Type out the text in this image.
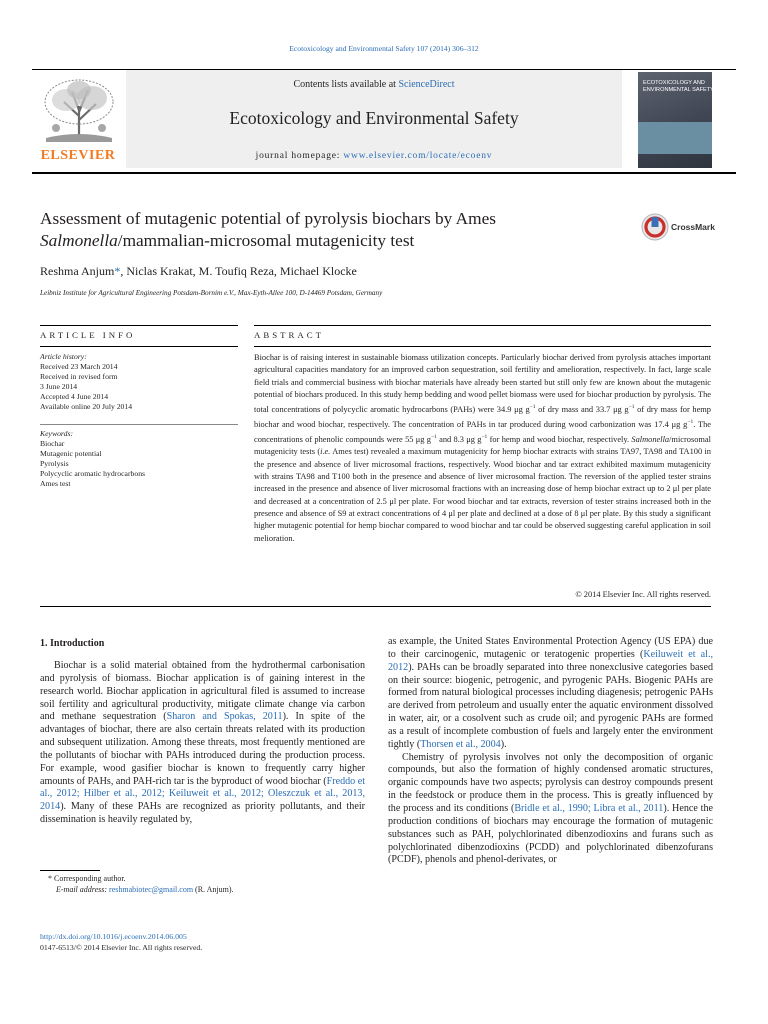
Ecotoxicology and Environmental Safety 107 (2014) 306–312
Contents lists available at ScienceDirect
Ecotoxicology and Environmental Safety
journal homepage: www.elsevier.com/locate/ecoenv
ELSEVIER
ECOTOXICOLOGY AND ENVIRONMENTAL SAFETY
Assessment of mutagenic potential of pyrolysis biochars by Ames
Salmonella/mammalian-microsomal mutagenicity test
CrossMark
Reshma Anjum*, Niclas Krakat, M. Toufiq Reza, Michael Klocke
Leibniz Institute for Agricultural Engineering Potsdam-Bornim e.V., Max-Eyth-Allee 100, D-14469 Potsdam, Germany
ARTICLE INFO	ABSTRACT
Article history:
Received 23 March 2014
Received in revised form
3 June 2014
Accepted 4 June 2014
Available online 20 July 2014
Keywords:
Biochar
Mutagenic potential
Pyrolysis
Polycyclic aromatic hydrocarbons
Ames test
Biochar is of raising interest in sustainable biomass utilization concepts. Particularly biochar derived from pyrolysis attaches important agricultural capacities mandatory for an improved carbon sequestration, soil fertility and amelioration, respectively. In fact, large scale field trials and commercial business with biochar materials have already been started but still only few are known about the mutagenic potential of biochars produced. In this study hemp bedding and wood pellet biomass were used for biochar production by pyrolysis. The total concentrations of polycyclic aromatic hydrocarbons (PAHs) were 34.9 μg $g^{-1}$ of dry mass and 33.7 μg $g^{-1}$ of dry mass for hemp biochar and wood biochar, respectively. The concentration of PAHs in tar produced during wood carbonization was 17.4 μg $g^{-1}$. The concentrations of phenolic compounds were 55 μg $g^{-1}$ and 8.3 μg $g^{-1}$ for hemp and wood biochar, respectively. Salmonella/microsomal mutagenicity tests (i.e. Ames test) revealed a maximum mutagenicity for hemp biochar extracts with strains TA97, TA98 and TA100 in the presence and absence of liver microsomal fractions, respectively. Wood biochar and tar extract exhibited maximum mutagenicity with strains TA98 and T100 both in the presence and absence of liver microsomal fraction. The reversion of the applied tester strains increased in the presence and absence of liver microsomal fractions with an increasing dose of hemp biochar extract up to 2 μl per plate and decreased at a concentration of 2.5 μl per plate. For wood biochar and tar extracts, reversion of tester strains increased both in the presence and absence of S9 at extract concentrations of 4 μl per plate and declined at a dose of 8 μl per plate. By this study a significant higher mutagenic potential for hemp biochar compared to wood biochar and tar could be observed suggesting careful application in soil melioration.
© 2014 Elsevier Inc. All rights reserved.
1. Introduction

Biochar is a solid material obtained from the hydrothermal carbonisation and pyrolysis of biomass. Biochar application is of gaining interest in the research world. Biochar application in agricultural filed is assumed to increase soil fertility and agricultural productivity, mitigate climate change via carbon and methane sequestration (Sharon and Spokas, 2011). In spite of the advantages of biochar, there are also certain threats related with its production and subsequent utilization. Among these threats, most frequently mentioned are the pollutants of biochar with PAHs introduced during the production process. For example, wood gasifier biochar is known to frequently carry higher amounts of PAHs, and PAH-rich tar is the byproduct of wood biochar (Freddo et al., 2012; Hilber et al., 2012; Keiluweit et al., 2012; Oleszczuk et al., 2013, 2014). Many of these PAHs are recognized as priority pollutants, and their dissemination is heavily regulated by,

* Corresponding author.
E-mail address: reshmabiotec@gmail.com (R. Anjum).
http://dx.doi.org/10.1016/j.ecoenv.2014.06.005
0147-6513/© 2014 Elsevier Inc. All rights reserved.

as example, the United States Environmental Protection Agency (US EPA) due to their carcinogenic, mutagenic or teratogenic properties (Keiluweit et al., 2012). PAHs can be broadly separated into three nonexclusive categories based on their source: biogenic, petrogenic, and pyrogenic PAHs. Biogenic PAHs are formed from natural biological processes including diagenesis; petrogenic PAHs are derived from petroleum and usually enter the aquatic environment dissolved in water, air, or a cosolvent such as crude oil; and pyrogenic PAHs are formed as a result of incomplete combustion of fuels and largely enter the environment tightly (Thorsen et al., 2004).

Chemistry of pyrolysis involves not only the decomposition of organic compounds, but also the formation of highly condensed aromatic structures, organic compounds have two aspects; pyrolysis can destroy compounds present in the feedstock or produce them in the process. This is greatly influenced by the process and its conditions (Bridle et al., 1990; Libra et al., 2011). Hence the production conditions of biochars may encourage the formation of mutagenic substances such as PAH, polychlorinated dibenzodioxins and furans such as polychlorinated dibenzodioxins (PCDD) and polychlorinated dibenzofurans (PCDF), phenols and phenol-derivates, or
